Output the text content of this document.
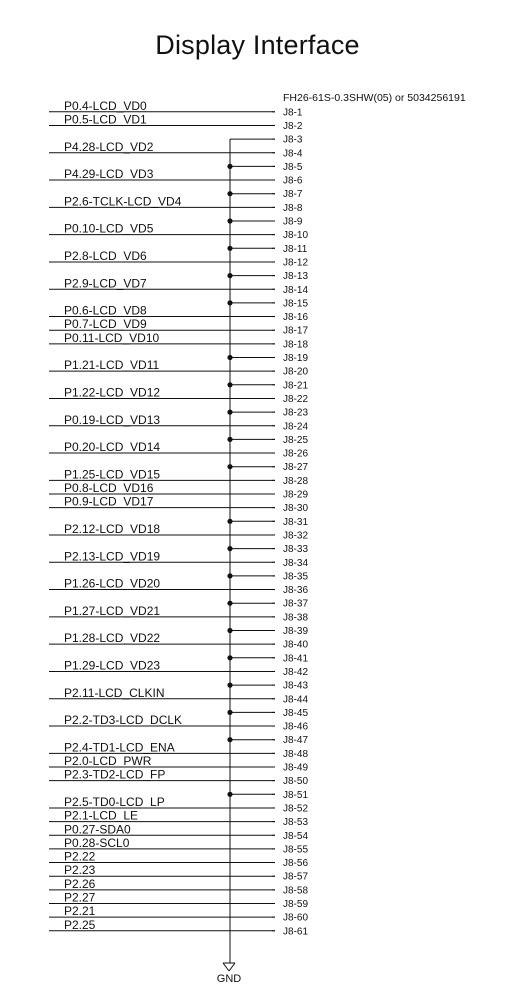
Display Interface
FH26-61S-0.3SHW(05) or 5034256191
P0.4-LCD_VD0
P0.5-LCD_VD1
P4.28-LCD_VD2
P4.29-LCD_VD3
P2.6-TCLK-LCD_VD4
P0.10-LCD_VD5
P2.8-LCD_VD6
P2.9-LCD_VD7
P0.6-LCD_VD8
P0.7-LCD_VD9
P0.11-LCD_VD10
P1.21-LCD_VD11
P1.22-LCD_VD12
P0.19-LCD_VD13
P0.20-LCD_VD14
P1.25-LCD_VD15
P0.8-LCD_VD16
P0.9-LCD_VD17
P2.12-LCD_VD18
P2.13-LCD_VD19
P1.26-LCD_VD20
P1.27-LCD_VD21
P1.28-LCD_VD22
P1.29-LCD_VD23
P2.11-LCD_CLKIN
P2.2-TD3-LCD_DCLK
P2.4-TD1-LCD_ENA
P2.0-LCD_PWR
P2.3-TD2-LCD_FP
P2.5-TD0-LCD_LP
P2.1-LCD_LE
P0.27-SDA0
P0.28-SCL0
P2.22
P2.23
P2.26
P2.27
P2.21
P2.25
J8-1
J8-2
J8-3
J8-4
J8-5
J8-6
J8-7
J8-8
J8-9
J8-10
J8-11
J8-12
J8-13
J8-14
J8-15
J8-16
J8-17
J8-18
J8-19
J8-20
J8-21
J8-22
J8-23
J8-24
J8-25
J8-26
J8-27
J8-28
J8-29
J8-30
J8-31
J8-32
J8-33
J8-34
J8-35
J8-36
J8-37
J8-38
J8-39
J8-40
J8-41
J8-42
J8-43
J8-44
J8-45
J8-46
J8-47
J8-48
J8-49
J8-50
J8-51
J8-52
J8-53
J8-54
J8-55
J8-56
J8-57
J8-58
J8-59
J8-60
J8-61
GND
